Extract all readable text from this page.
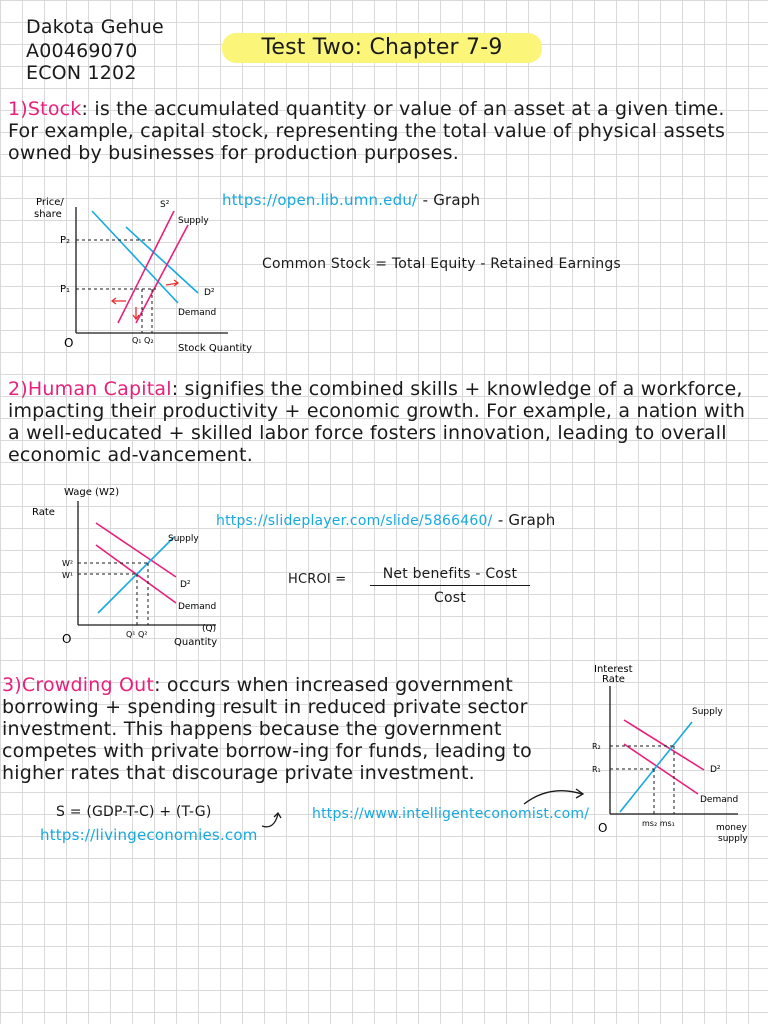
Dakota Gehue
A00469070
ECON 1202
Test Two: Chapter 7-9
1)Stock: is the accumulated quantity or value of an asset at a given time. For example, capital stock, representing the total value of physical assets owned by businesses for production purposes.
https://open.lib.umn.edu/ - Graph
Common Stock = Total Equity - Retained Earnings
Price/
share
O	Stock Quantity
P₂
P₁
Q₁ Q₂
S²
Supply
D²
Demand
2)Human Capital: signifies the combined skills + knowledge of a workforce, impacting their productivity + economic growth. For example, a nation with a well-educated + skilled labor force fosters innovation, leading to overall economic ad-vancement.
https://slideplayer.com/slide/5866460/ - Graph
HCROI =	Net benefits - Cost
Cost
Wage (W2)
Rate
O
(Q)
Quantity
W²
W¹
Q¹ Q²
Supply
D²
Demand
3)Crowding Out: occurs when increased government borrowing + spending result in reduced private sector investment. This happens because the government competes with private borrow-ing for funds, leading to higher rates that discourage private investment.
S = (GDP-T-C) + (T-G)	https://www.intelligenteconomist.com/
https://livingeconomies.com
Interest
Rate
O	money
supply
R₂
R₁
ms₂ ms₁
Supply
D²
Demand
